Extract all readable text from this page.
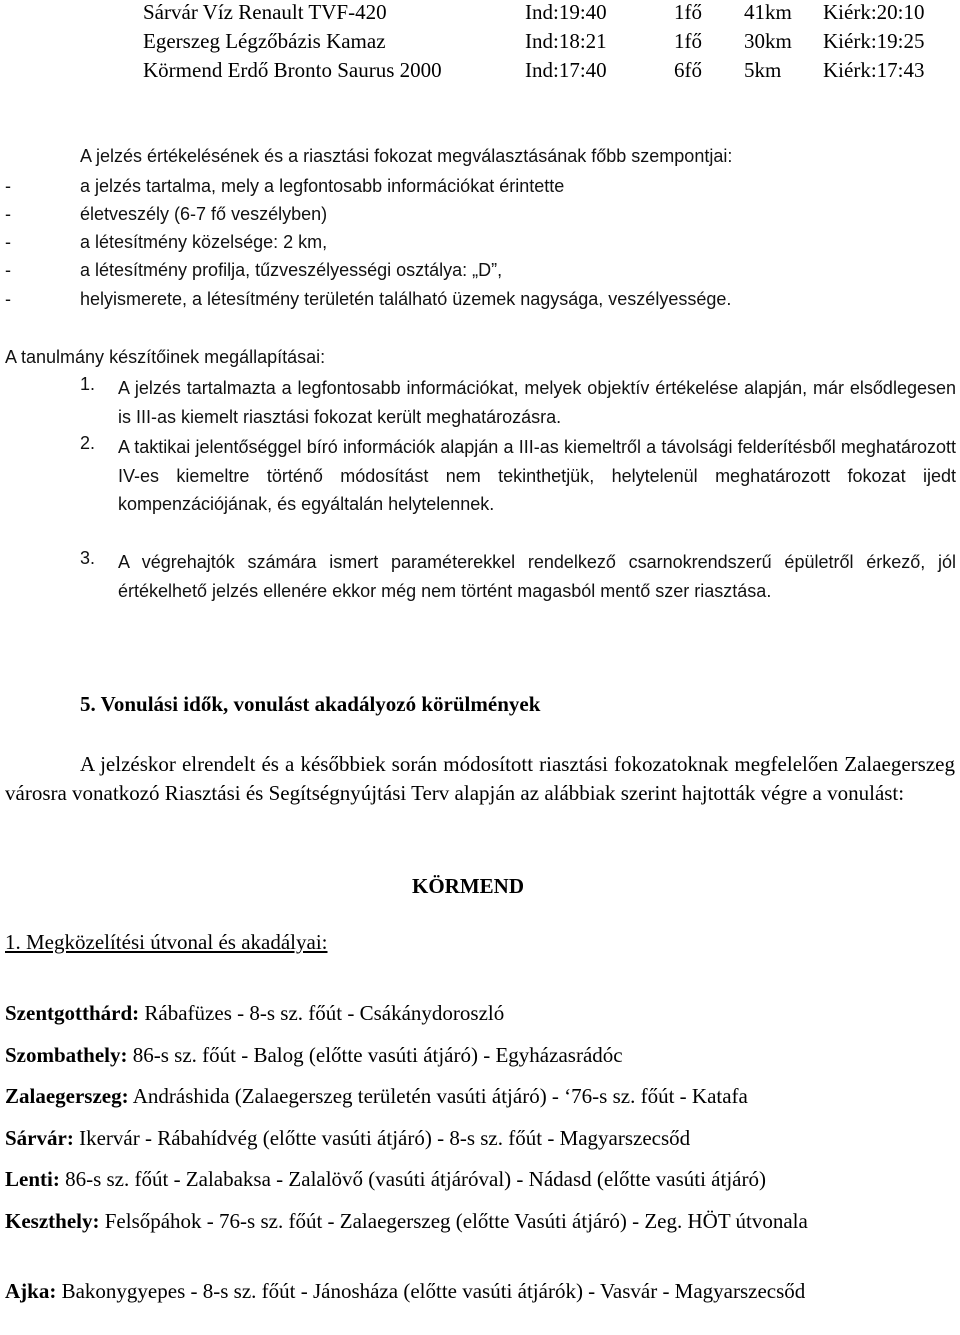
Sárvár Víz Renault TVF-420	Ind:19:40	1fő 41km Kiérk:20:10
Egerszeg Légzőbázis Kamaz	Ind:18:21	1fő 30km Kiérk:19:25
Körmend Erdő Bronto Saurus 2000	Ind:17:40	6fő 5km Kiérk:17:43
A jelzés értékelésének és a riasztási fokozat megválasztásának főbb szempontjai:
-	a jelzés tartalma, mely a legfontosabb információkat érintette
-	életveszély (6-7 fő veszélyben)
-	a létesítmény közelsége: 2 km,
-	a létesítmény profilja, tűzveszélyességi osztálya: „D”,
-	helyismerete, a létesítmény területén található üzemek nagysága, veszélyessége.
A tanulmány készítőinek megállapításai:
1. A jelzés tartalmazta a legfontosabb információkat, melyek objektív értékelése alapján, már elsődlegesen is III-as kiemelt riasztási fokozat került meghatározásra.
2. A taktikai jelentőséggel bíró információk alapján a III-as kiemeltről a távolsági felderítésből meghatározott IV-es kiemeltre történő módosítást nem tekinthetjük, helytelenül meghatározott fokozat ijedt kompenzációjának, és egyáltalán helytelennek.
3. A végrehajtók számára ismert paraméterekkel rendelkező csarnokrendszerű épületről érkező, jól értékelhető jelzés ellenére ekkor még nem történt magasból mentő szer riasztása.
5. Vonulási idők, vonulást akadályozó körülmények
A jelzéskor elrendelt és a későbbiek során módosított riasztási fokozatoknak megfelelően Zalaegerszeg városra vonatkozó Riasztási és Segítségnyújtási Terv alapján az alábbiak szerint hajtották végre a vonulást:
KÖRMEND
1. Megközelítési útvonal és akadályai:
Szentgotthárd: Rábafüzes - 8-s sz. főút - Csákánydoroszló
Szombathely: 86-s sz. főút - Balog (előtte vasúti átjáró) - Egyházasrádóc
Zalaegerszeg: Andráshida (Zalaegerszeg területén vasúti átjáró) - ‘76-s sz. főút - Katafa
Sárvár: Ikervár - Rábahídvég (előtte vasúti átjáró) - 8-s sz. főút - Magyarszecsőd
Lenti: 86-s sz. főút - Zalabaksa - Zalalövő (vasúti átjáróval) - Nádasd (előtte vasúti átjáró)
Keszthely: Felsőpáhok - 76-s sz. főút - Zalaegerszeg (előtte Vasúti átjáró) - Zeg. HÖT útvonala
Ajka: Bakonygyepes - 8-s sz. főút - Jánosháza (előtte vasúti átjárók) - Vasvár - Magyarszecsőd
